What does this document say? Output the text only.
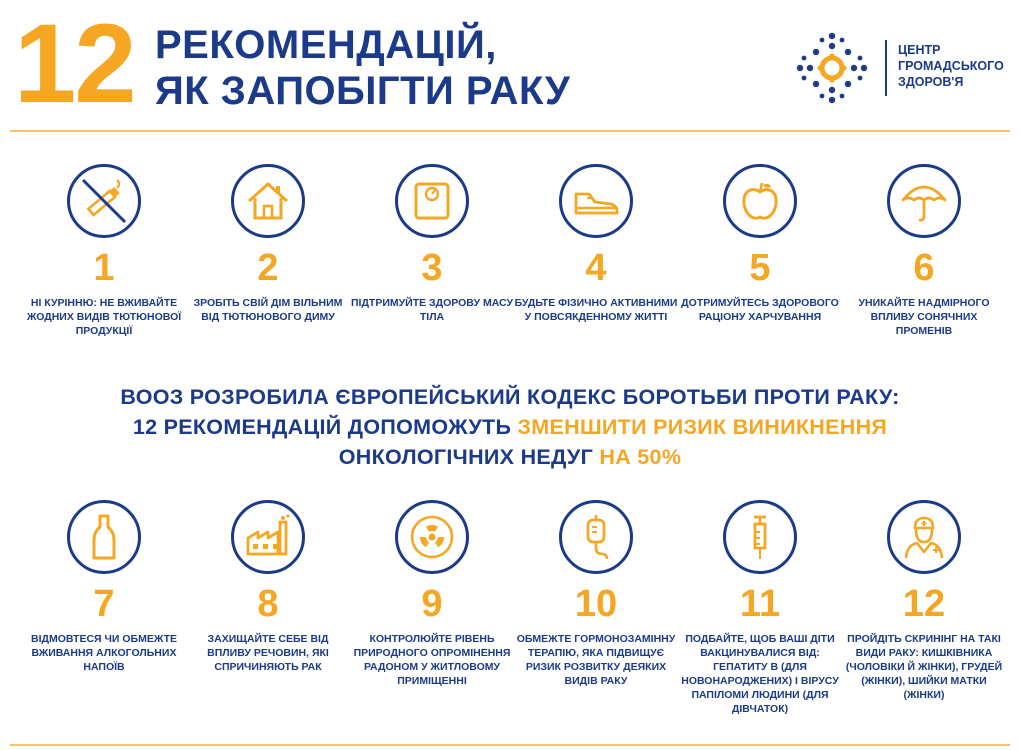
12 РЕКОМЕНДАЦІЙ,
ЯК ЗАПОБІГТИ РАКУ
ЦЕНТР
ГРОМАДСЬКОГО
ЗДОРОВ'Я
1
НІ КУРІННЮ: НЕ ВЖИВАЙТЕ ЖОДНИХ ВИДІВ ТЮТЮНОВОЇ ПРОДУКЦІЇ
2
ЗРОБІТЬ СВІЙ ДІМ ВІЛЬНИМ ВІД ТЮТЮНОВОГО ДИМУ
3
ПІДТРИМУЙТЕ ЗДОРОВУ МАСУ ТІЛА
4
БУДЬТЕ ФІЗИЧНО АКТИВНИМИ У ПОВСЯКДЕННОМУ ЖИТТІ
5
ДОТРИМУЙТЕСЬ ЗДОРОВОГО РАЦІОНУ ХАРЧУВАННЯ
6
УНИКАЙТЕ НАДМІРНОГО ВПЛИВУ СОНЯЧНИХ ПРОМЕНІВ
ВООЗ РОЗРОБИЛА ЄВРОПЕЙСЬКИЙ КОДЕКС БОРОТЬБИ ПРОТИ РАКУ:
12 РЕКОМЕНДАЦІЙ ДОПОМОЖУТЬ ЗМЕНШИТИ РИЗИК ВИНИКНЕННЯ
ОНКОЛОГІЧНИХ НЕДУГ НА 50%
7
ВІДМОВТЕСЯ ЧИ ОБМЕЖТЕ ВЖИВАННЯ АЛКОГОЛЬНИХ НАПОЇВ
8
ЗАХИЩАЙТЕ СЕБЕ ВІД ВПЛИВУ РЕЧОВИН, ЯКІ СПРИЧИНЯЮТЬ РАК
9
КОНТРОЛЮЙТЕ РІВЕНЬ ПРИРОДНОГО ОПРОМІНЕННЯ РАДОНОМ У ЖИТЛОВОМУ ПРИМІЩЕННІ
10
ОБМЕЖТЕ ГОРМОНОЗАМІННУ ТЕРАПІЮ, ЯКА ПІДВИЩУЄ РИЗИК РОЗВИТКУ ДЕЯКИХ ВИДІВ РАКУ
11
ПОДБАЙТЕ, ЩОБ ВАШІ ДІТИ ВАКЦИНУВАЛИСЯ ВІД: ГЕПАТИТУ B (ДЛЯ НОВОНАРОДЖЕНИХ) І ВІРУСУ ПАПІЛОМИ ЛЮДИНИ (ДЛЯ ДІВЧАТОК)
12
ПРОЙДІТЬ СКРИНІНГ НА ТАКІ ВИДИ РАКУ: КИШКІВНИКА (ЧОЛОВІКИ Й ЖІНКИ), ГРУДЕЙ (ЖІНКИ), ШИЙКИ МАТКИ (ЖІНКИ)
